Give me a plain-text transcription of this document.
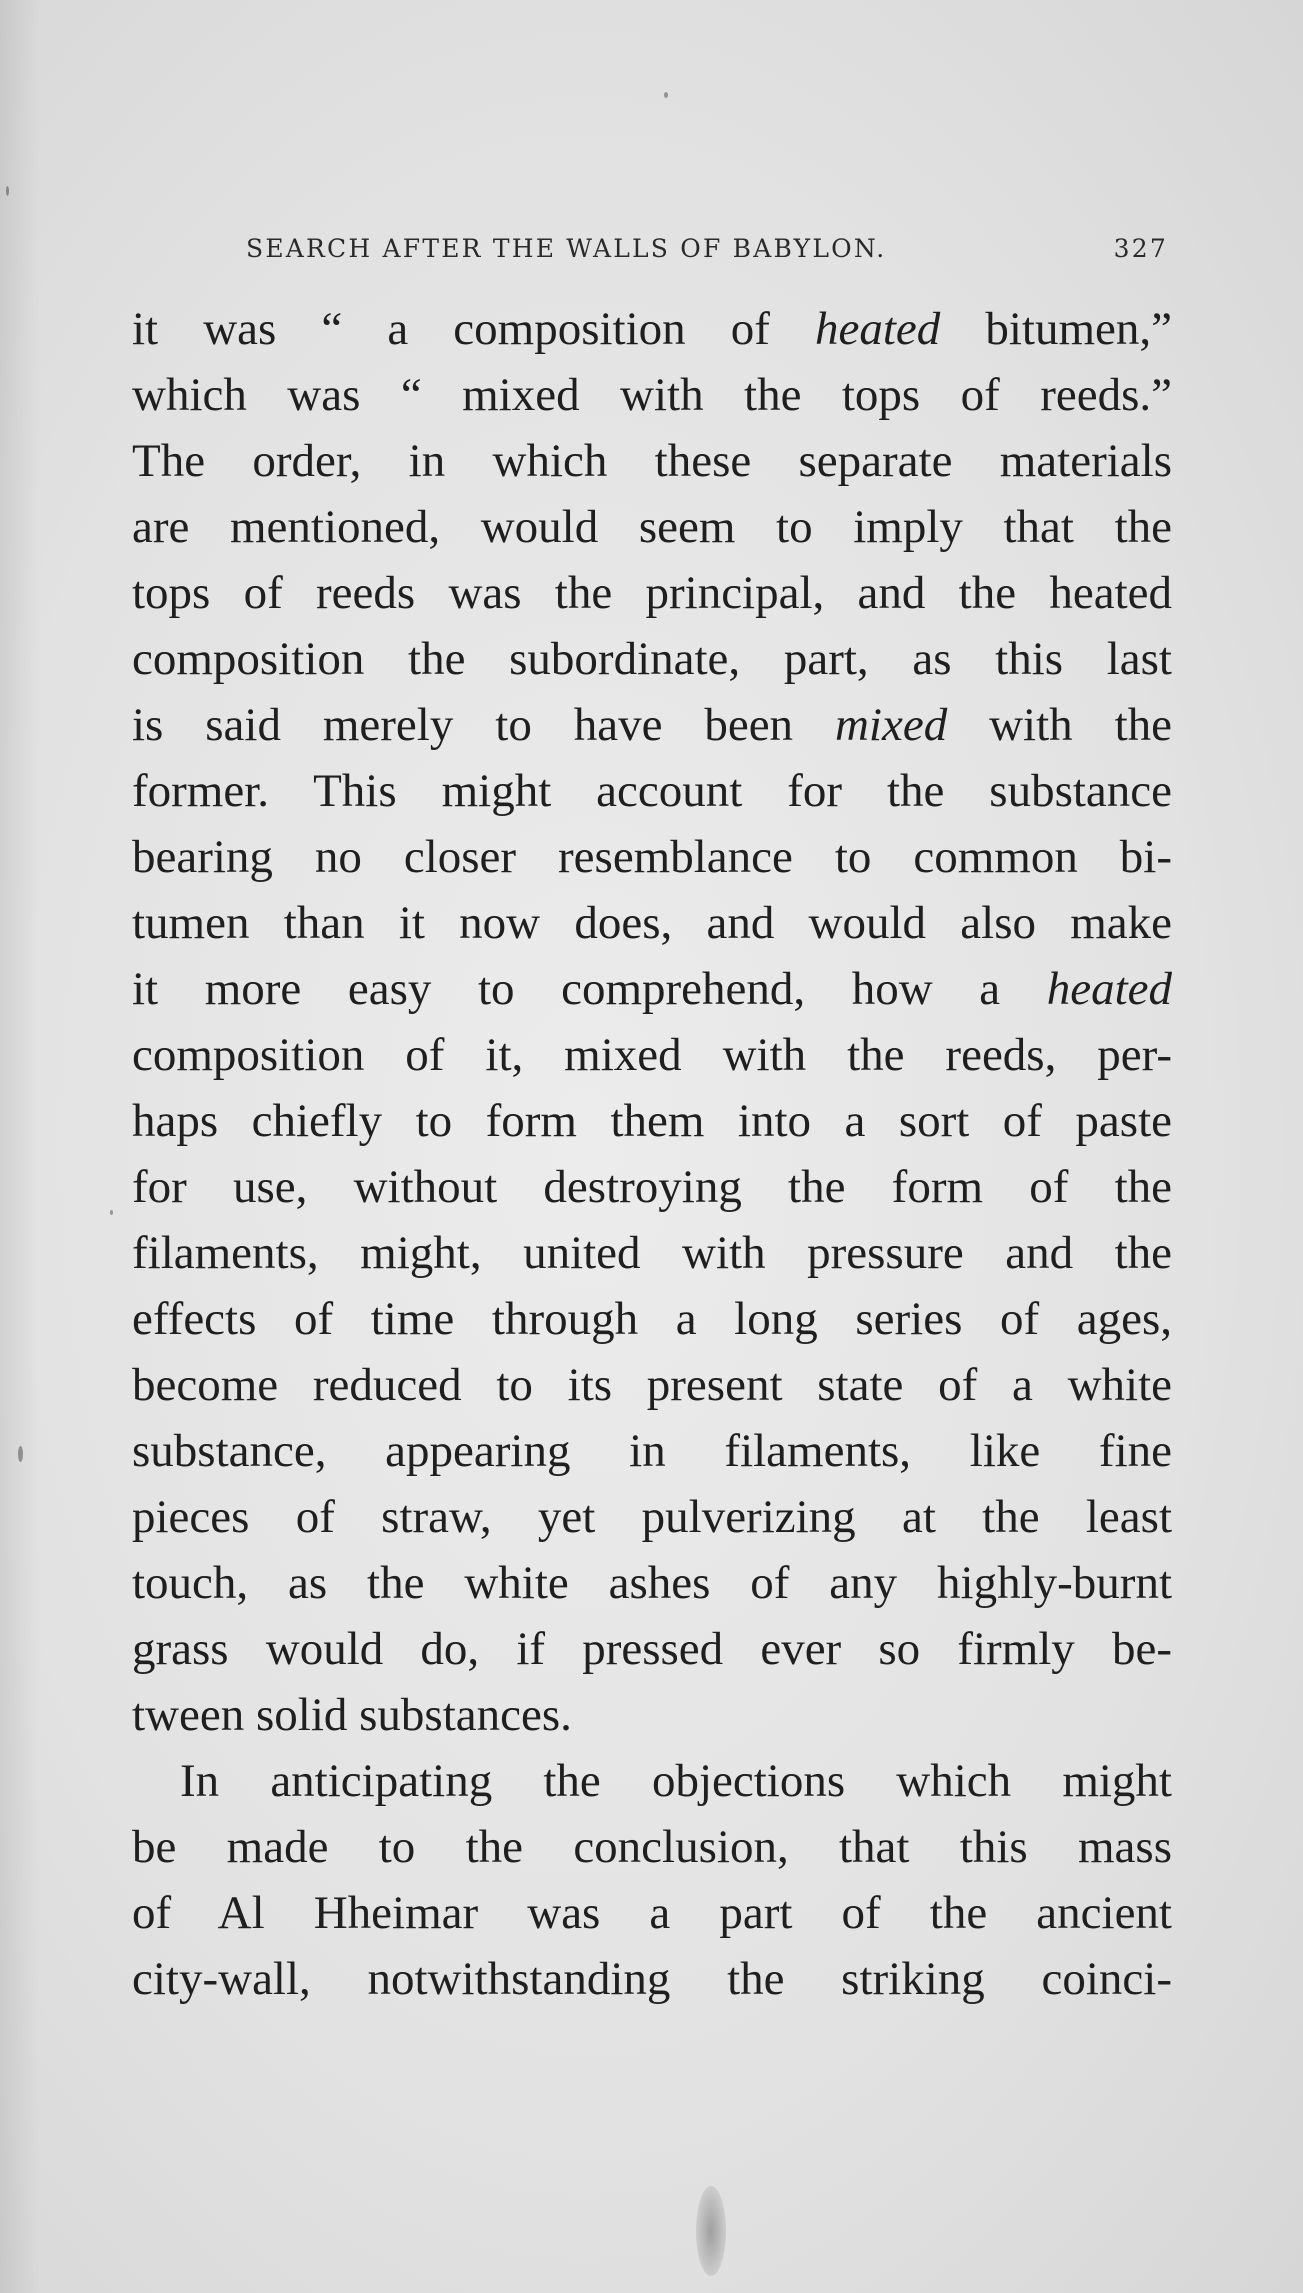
SEARCH AFTER THE WALLS OF BABYLON.	327
it was “ a composition of heated bitumen,”
which was “ mixed with the tops of reeds.”
The order, in which these separate materials
are mentioned, would seem to imply that the
tops of reeds was the principal, and the heated
composition the subordinate, part, as this last
is said merely to have been mixed with the
former. This might account for the substance
bearing no closer resemblance to common bi-
tumen than it now does, and would also make
it more easy to comprehend, how a heated
composition of it, mixed with the reeds, per-
haps chiefly to form them into a sort of paste
for use, without destroying the form of the
filaments, might, united with pressure and the
effects of time through a long series of ages,
become reduced to its present state of a white
substance, appearing in filaments, like fine
pieces of straw, yet pulverizing at the least
touch, as the white ashes of any highly-burnt
grass would do, if pressed ever so firmly be-
tween solid substances.
In anticipating the objections which might
be made to the conclusion, that this mass
of Al Hheimar was a part of the ancient
city-wall, notwithstanding the striking coinci-
